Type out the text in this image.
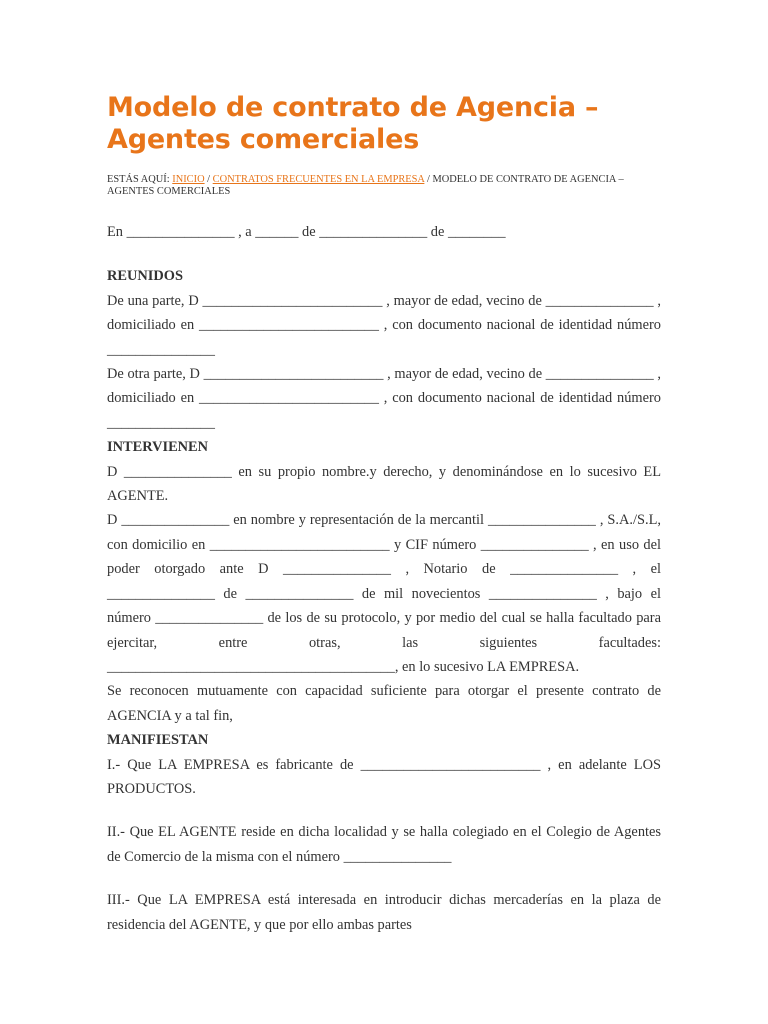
Modelo de contrato de Agencia – Agentes comerciales
ESTÁS AQUÍ: INICIO / CONTRATOS FRECUENTES EN LA EMPRESA / MODELO DE CONTRATO DE AGENCIA – AGENTES COMERCIALES

En _______________ , a ______ de _______________ de ________

REUNIDOS

De una parte, D _________________________ , mayor de edad, vecino de _______________ , domiciliado en _________________________ , con documento nacional de identidad número _______________

De otra parte, D _________________________ , mayor de edad, vecino de _______________ , domiciliado en _________________________ , con documento nacional de identidad número _______________

INTERVIENEN

D _______________ en su propio nombre.y derecho, y denominándose en lo sucesivo EL AGENTE.

D _______________ en nombre y representación de la mercantil _______________ , S.A./S.L, con domicilio en _________________________ y CIF número _______________ , en uso del poder otorgado ante D _______________ , Notario de _______________ , el _______________ de _______________ de mil novecientos _______________ , bajo el número _______________ de los de su protocolo, y por medio del cual se halla facultado para ejercitar, entre otras, las siguientes facultades: ________________________________________, en lo sucesivo LA EMPRESA.

Se reconocen mutuamente con capacidad suficiente para otorgar el presente contrato de AGENCIA y a tal fin,

MANIFIESTAN

I.- Que LA EMPRESA es fabricante de _________________________ , en adelante LOS PRODUCTOS.

II.- Que EL AGENTE reside en dicha localidad y se halla colegiado en el Colegio de Agentes de Comercio de la misma con el número _______________

III.- Que LA EMPRESA está interesada en introducir dichas mercaderías en la plaza de residencia del AGENTE, y que por ello ambas partes
